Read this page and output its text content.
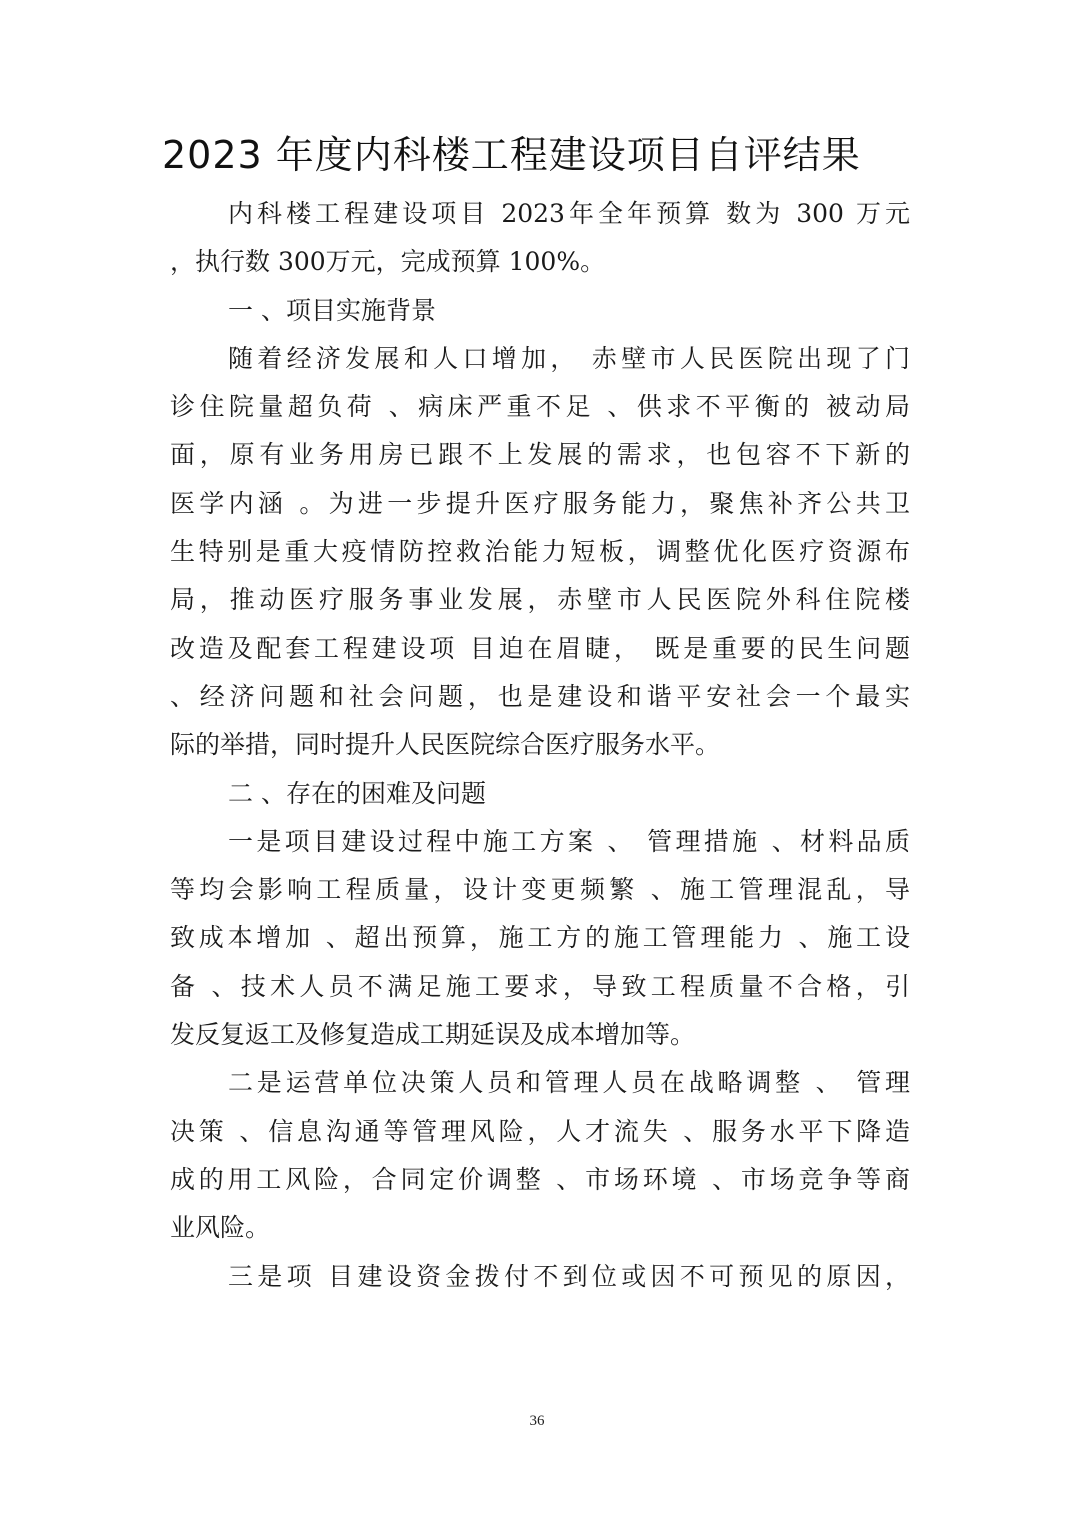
2023 年度内科楼工程建设项目自评结果
内科楼工程建设项目 2023年全年预算 数为 300 万元
，执行数 300万元，完成预算 100%。
一 、项目实施背景
随着经济发展和人口增加， 赤壁市人民医院出现了门
诊住院量超负荷 、病床严重不足 、供求不平衡的 被动局
面，原有业务用房已跟不上发展的需求，也包容不下新的
医学内涵 。为进一步提升医疗服务能力，聚焦补齐公共卫
生特别是重大疫情防控救治能力短板，调整优化医疗资源布
局，推动医疗服务事业发展，赤壁市人民医院外科住院楼
改造及配套工程建设项 目迫在眉睫， 既是重要的民生问题
、经济问题和社会问题，也是建设和谐平安社会一个最实
际的举措，同时提升人民医院综合医疗服务水平。
二 、存在的困难及问题
一是项目建设过程中施工方案 、 管理措施 、材料品质
等均会影响工程质量，设计变更频繁 、施工管理混乱，导
致成本增加 、超出预算，施工方的施工管理能力 、施工设
备 、技术人员不满足施工要求，导致工程质量不合格，引
发反复返工及修复造成工期延误及成本增加等。
二是运营单位决策人员和管理人员在战略调整 、 管理
决策 、信息沟通等管理风险，人才流失 、服务水平下降造
成的用工风险，合同定价调整 、市场环境 、市场竞争等商
业风险。
三是项 目建设资金拨付不到位或因不可预见的原因，
36
